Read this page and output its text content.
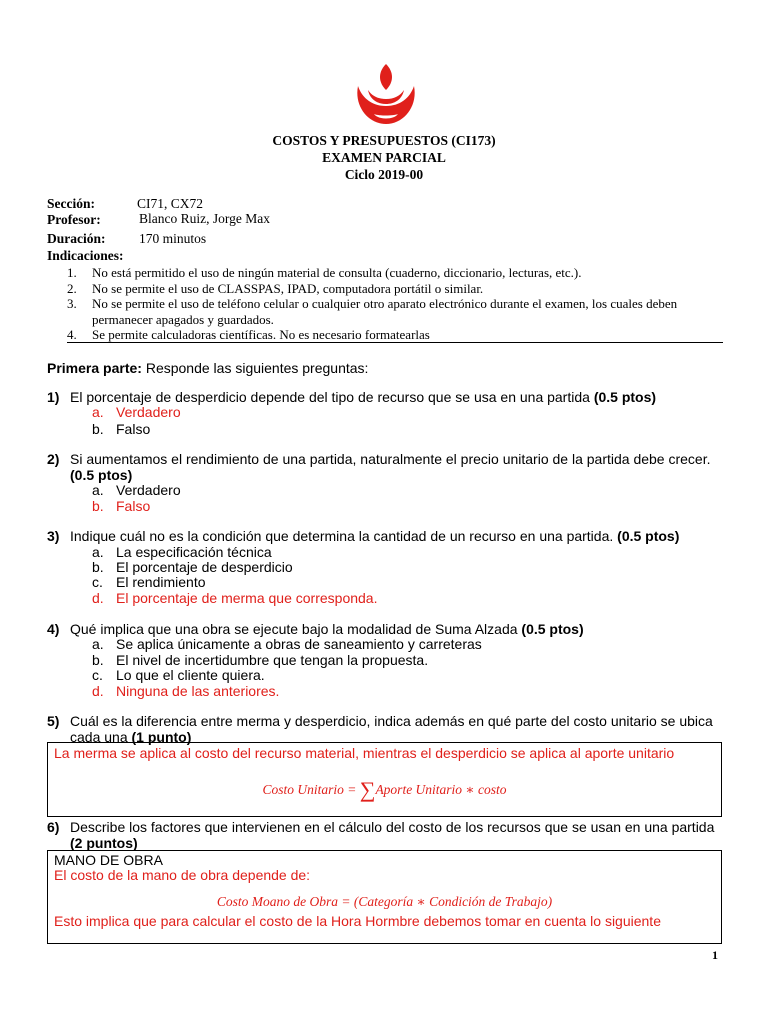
COSTOS Y PRESUPUESTOS (CI173)
EXAMEN PARCIAL
Ciclo 2019-00
Sección:	CI71, CX72
Profesor:	Blanco Ruiz, Jorge Max
Duración: 170 minutos
Indicaciones:
1.	No está permitido el uso de ningún material de consulta (cuaderno, diccionario, lecturas, etc.).
2.	No se permite el uso de CLASSPAS, IPAD, computadora portátil o similar.
3.	No se permite el uso de teléfono celular o cualquier otro aparato electrónico durante el examen, los cuales deben permanecer apagados y guardados.
4.	Se permite calculadoras científicas. No es necesario formatearlas
Primera parte: Responde las siguientes preguntas:
1) El porcentaje de desperdicio depende del tipo de recurso que se usa en una partida (0.5 ptos)
a. Verdadero
b. Falso
2) Si aumentamos el rendimiento de una partida, naturalmente el precio unitario de la partida debe crecer. (0.5 ptos)
a. Verdadero
b. Falso
3) Indique cuál no es la condición que determina la cantidad de un recurso en una partida. (0.5 ptos)
a. La especificación técnica
b. El porcentaje de desperdicio
c. El rendimiento
d. El porcentaje de merma que corresponda.
4) Qué implica que una obra se ejecute bajo la modalidad de Suma Alzada (0.5 ptos)
a. Se aplica únicamente a obras de saneamiento y carreteras
b. El nivel de incertidumbre que tengan la propuesta.
c. Lo que el cliente quiera.
d. Ninguna de las anteriores.
5) Cuál es la diferencia entre merma y desperdicio, indica además en qué parte del costo unitario se ubica cada una (1 punto)
La merma se aplica al costo del recurso material, mientras el desperdicio se aplica al aporte unitario
Costo Unitario = ∑Aporte Unitario ∗ costo
6) Describe los factores que intervienen en el cálculo del costo de los recursos que se usan en una partida (2 puntos)
MANO DE OBRA
El costo de la mano de obra depende de:
Costo Moano de Obra = (Categoría ∗ Condición de Trabajo)
Esto implica que para calcular el costo de la Hora Hormbre debemos tomar en cuenta lo siguiente
1
